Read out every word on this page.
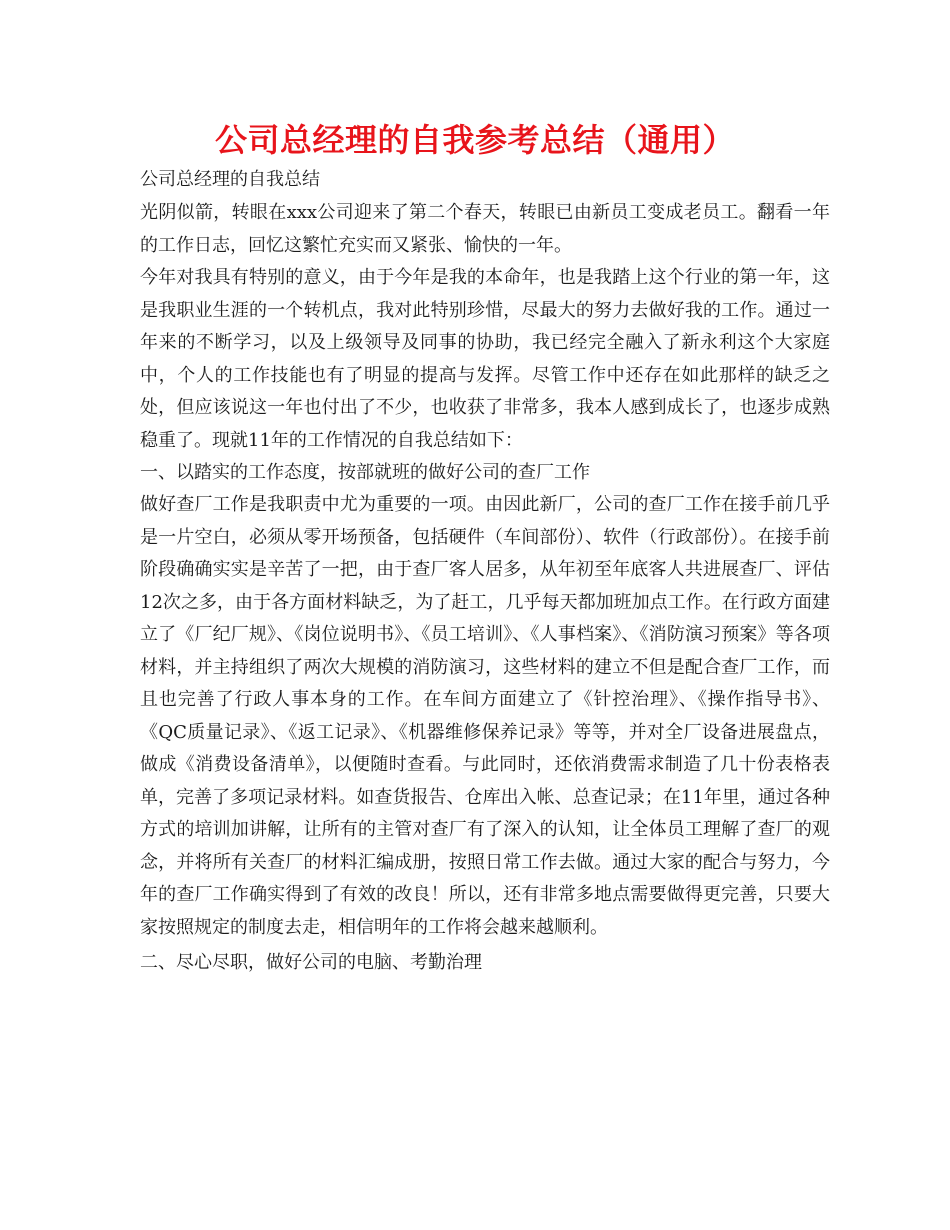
公司总经理的自我参考总结（通用）

公司总经理的自我总结

光阴似箭，转眼在xxx公司迎来了第二个春天，转眼已由新员工变成老员工。翻看一年的工作日志，回忆这繁忙充实而又紧张、愉快的一年。

今年对我具有特别的意义，由于今年是我的本命年，也是我踏上这个行业的第一年，这是我职业生涯的一个转机点，我对此特别珍惜，尽最大的努力去做好我的工作。通过一年来的不断学习，以及上级领导及同事的协助，我已经完全融入了新永利这个大家庭中，个人的工作技能也有了明显的提高与发挥。尽管工作中还存在如此那样的缺乏之处，但应该说这一年也付出了不少，也收获了非常多，我本人感到成长了，也逐步成熟稳重了。现就11年的工作情况的自我总结如下：

一、以踏实的工作态度，按部就班的做好公司的查厂工作

做好查厂工作是我职责中尤为重要的一项。由因此新厂，公司的查厂工作在接手前几乎是一片空白，必须从零开场预备，包括硬件（车间部份）、软件（行政部份）。在接手前阶段确确实实是辛苦了一把，由于查厂客人居多，从年初至年底客人共进展查厂、评估12次之多，由于各方面材料缺乏，为了赶工，几乎每天都加班加点工作。在行政方面建立了《厂纪厂规》、《岗位说明书》、《员工培训》、《人事档案》、《消防演习预案》等各项材料，并主持组织了两次大规模的消防演习，这些材料的建立不但是配合查厂工作，而且也完善了行政人事本身的工作。在车间方面建立了《针控治理》、《操作指导书》、《QC质量记录》、《返工记录》、《机器维修保养记录》等等，并对全厂设备进展盘点，做成《消费设备清单》，以便随时查看。与此同时，还依消费需求制造了几十份表格表单，完善了多项记录材料。如查货报告、仓库出入帐、总查记录；在11年里，通过各种方式的培训加讲解，让所有的主管对查厂有了深入的认知，让全体员工理解了查厂的观念，并将所有关查厂的材料汇编成册，按照日常工作去做。通过大家的配合与努力，今年的查厂工作确实得到了有效的改良！所以，还有非常多地点需要做得更完善，只要大家按照规定的制度去走，相信明年的工作将会越来越顺利。

二、尽心尽职，做好公司的电脑、考勤治理
